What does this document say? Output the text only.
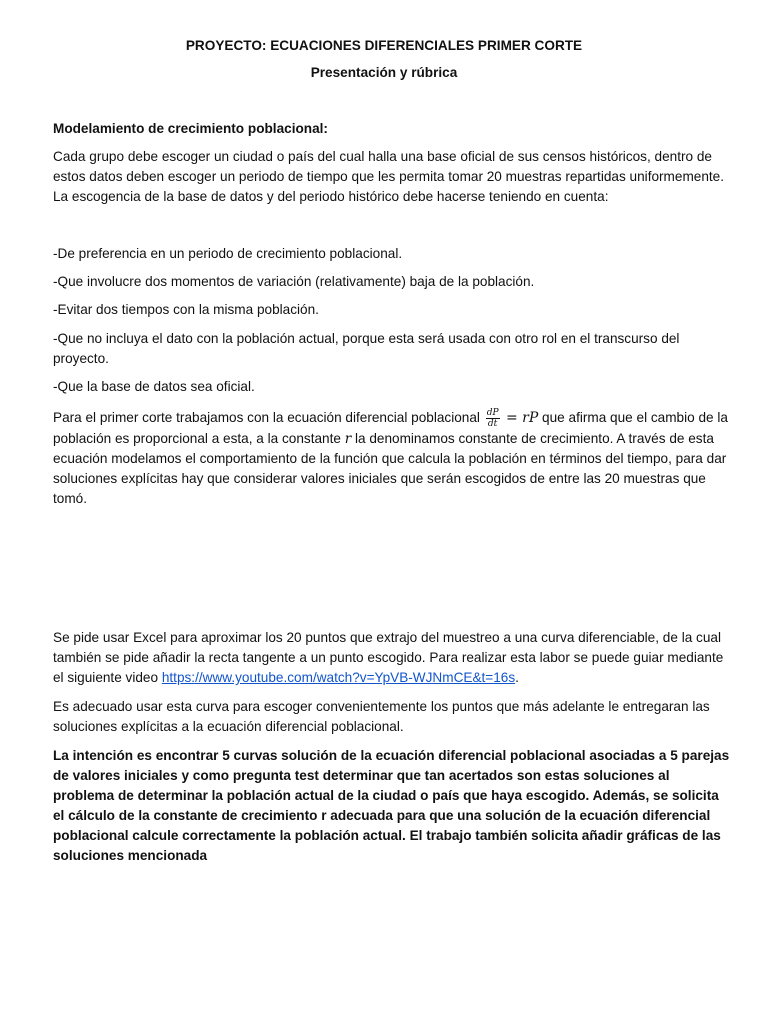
PROYECTO: ECUACIONES DIFERENCIALES PRIMER CORTE

Presentación y rúbrica

Modelamiento de crecimiento poblacional:

Cada grupo debe escoger un ciudad o país del cual halla una base oficial de sus censos históricos, dentro de estos datos deben escoger un periodo de tiempo que les permita tomar 20 muestras repartidas uniformemente. La escogencia de la base de datos y del periodo histórico debe hacerse teniendo en cuenta:

-De preferencia en un periodo de crecimiento poblacional.

-Que involucre dos momentos de variación (relativamente) baja de la población.

-Evitar dos tiempos con la misma población.

-Que no incluya el dato con la población actual, porque esta será usada con otro rol en el transcurso del proyecto.

-Que la base de datos sea oficial.

Para el primer corte trabajamos con la ecuación diferencial poblacional $\frac{dP}{dt}$ = rP que afirma que el cambio de la población es proporcional a esta, a la constante r la denominamos constante de crecimiento. A través de esta ecuación modelamos el comportamiento de la función que calcula la población en términos del tiempo, para dar soluciones explícitas hay que considerar valores iniciales que serán escogidos de entre las 20 muestras que tomó.

Se pide usar Excel para aproximar los 20 puntos que extrajo del muestreo a una curva diferenciable, de la cual también se pide añadir la recta tangente a un punto escogido. Para realizar esta labor se puede guiar mediante el siguiente video https://www.youtube.com/watch?v=YpVB-WJNmCE&t=16s.

Es adecuado usar esta curva para escoger convenientemente los puntos que más adelante le entregaran las soluciones explícitas a la ecuación diferencial poblacional.

La intención es encontrar 5 curvas solución de la ecuación diferencial poblacional asociadas a 5 parejas de valores iniciales y como pregunta test determinar que tan acertados son estas soluciones al problema de determinar la población actual de la ciudad o país que haya escogido. Además, se solicita el cálculo de la constante de crecimiento r adecuada para que una solución de la ecuación diferencial poblacional calcule correctamente la población actual. El trabajo también solicita añadir gráficas de las soluciones mencionada
